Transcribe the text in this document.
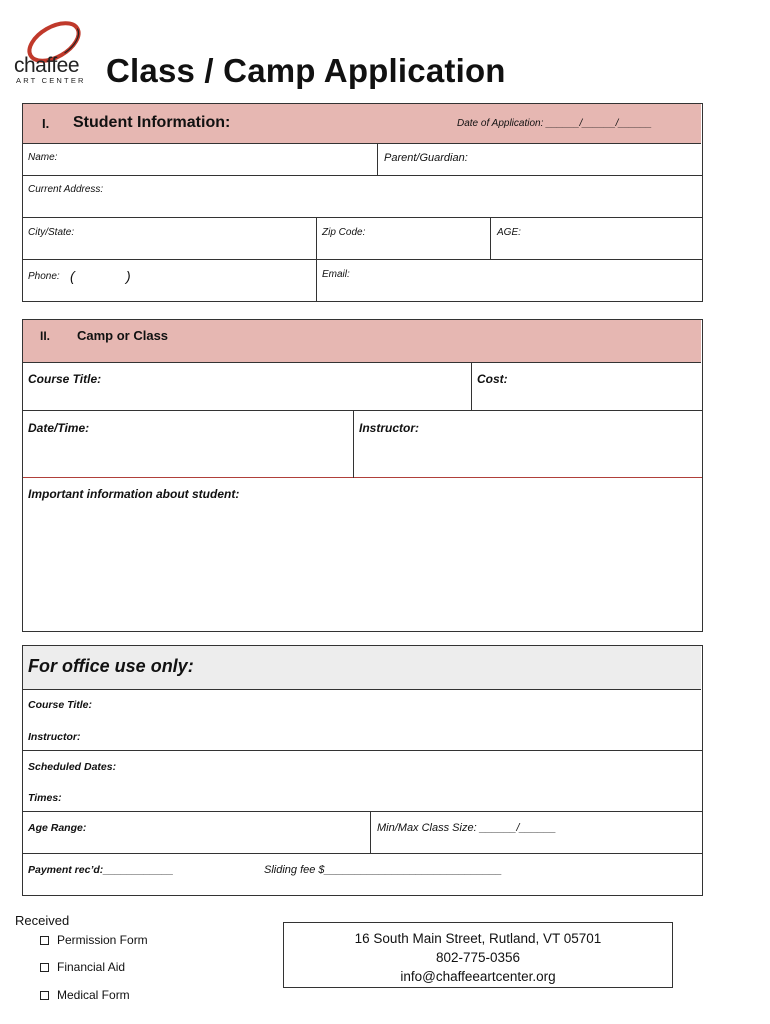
chaffee
ART CENTER Class / Camp Application
I. Student Information:	Date of Application: ______/______/______
Name:	Parent/Guardian:
Current Address:
City/State:	Zip Code:	AGE:
Phone: (	)	Email:
II. Camp or Class
Course Title:	Cost:
Date/Time:	Instructor:
Important information about student:
For office use only:
Course Title:
Instructor:
Scheduled Dates:
Times:
Age Range:	Min/Max Class Size: ______/______
Payment rec’d:____________	Sliding fee $_____________________________
Received
Permission Form
Financial Aid
Medical Form
16 South Main Street, Rutland, VT 05701
802-775-0356
info@chaffeeartcenter.org
